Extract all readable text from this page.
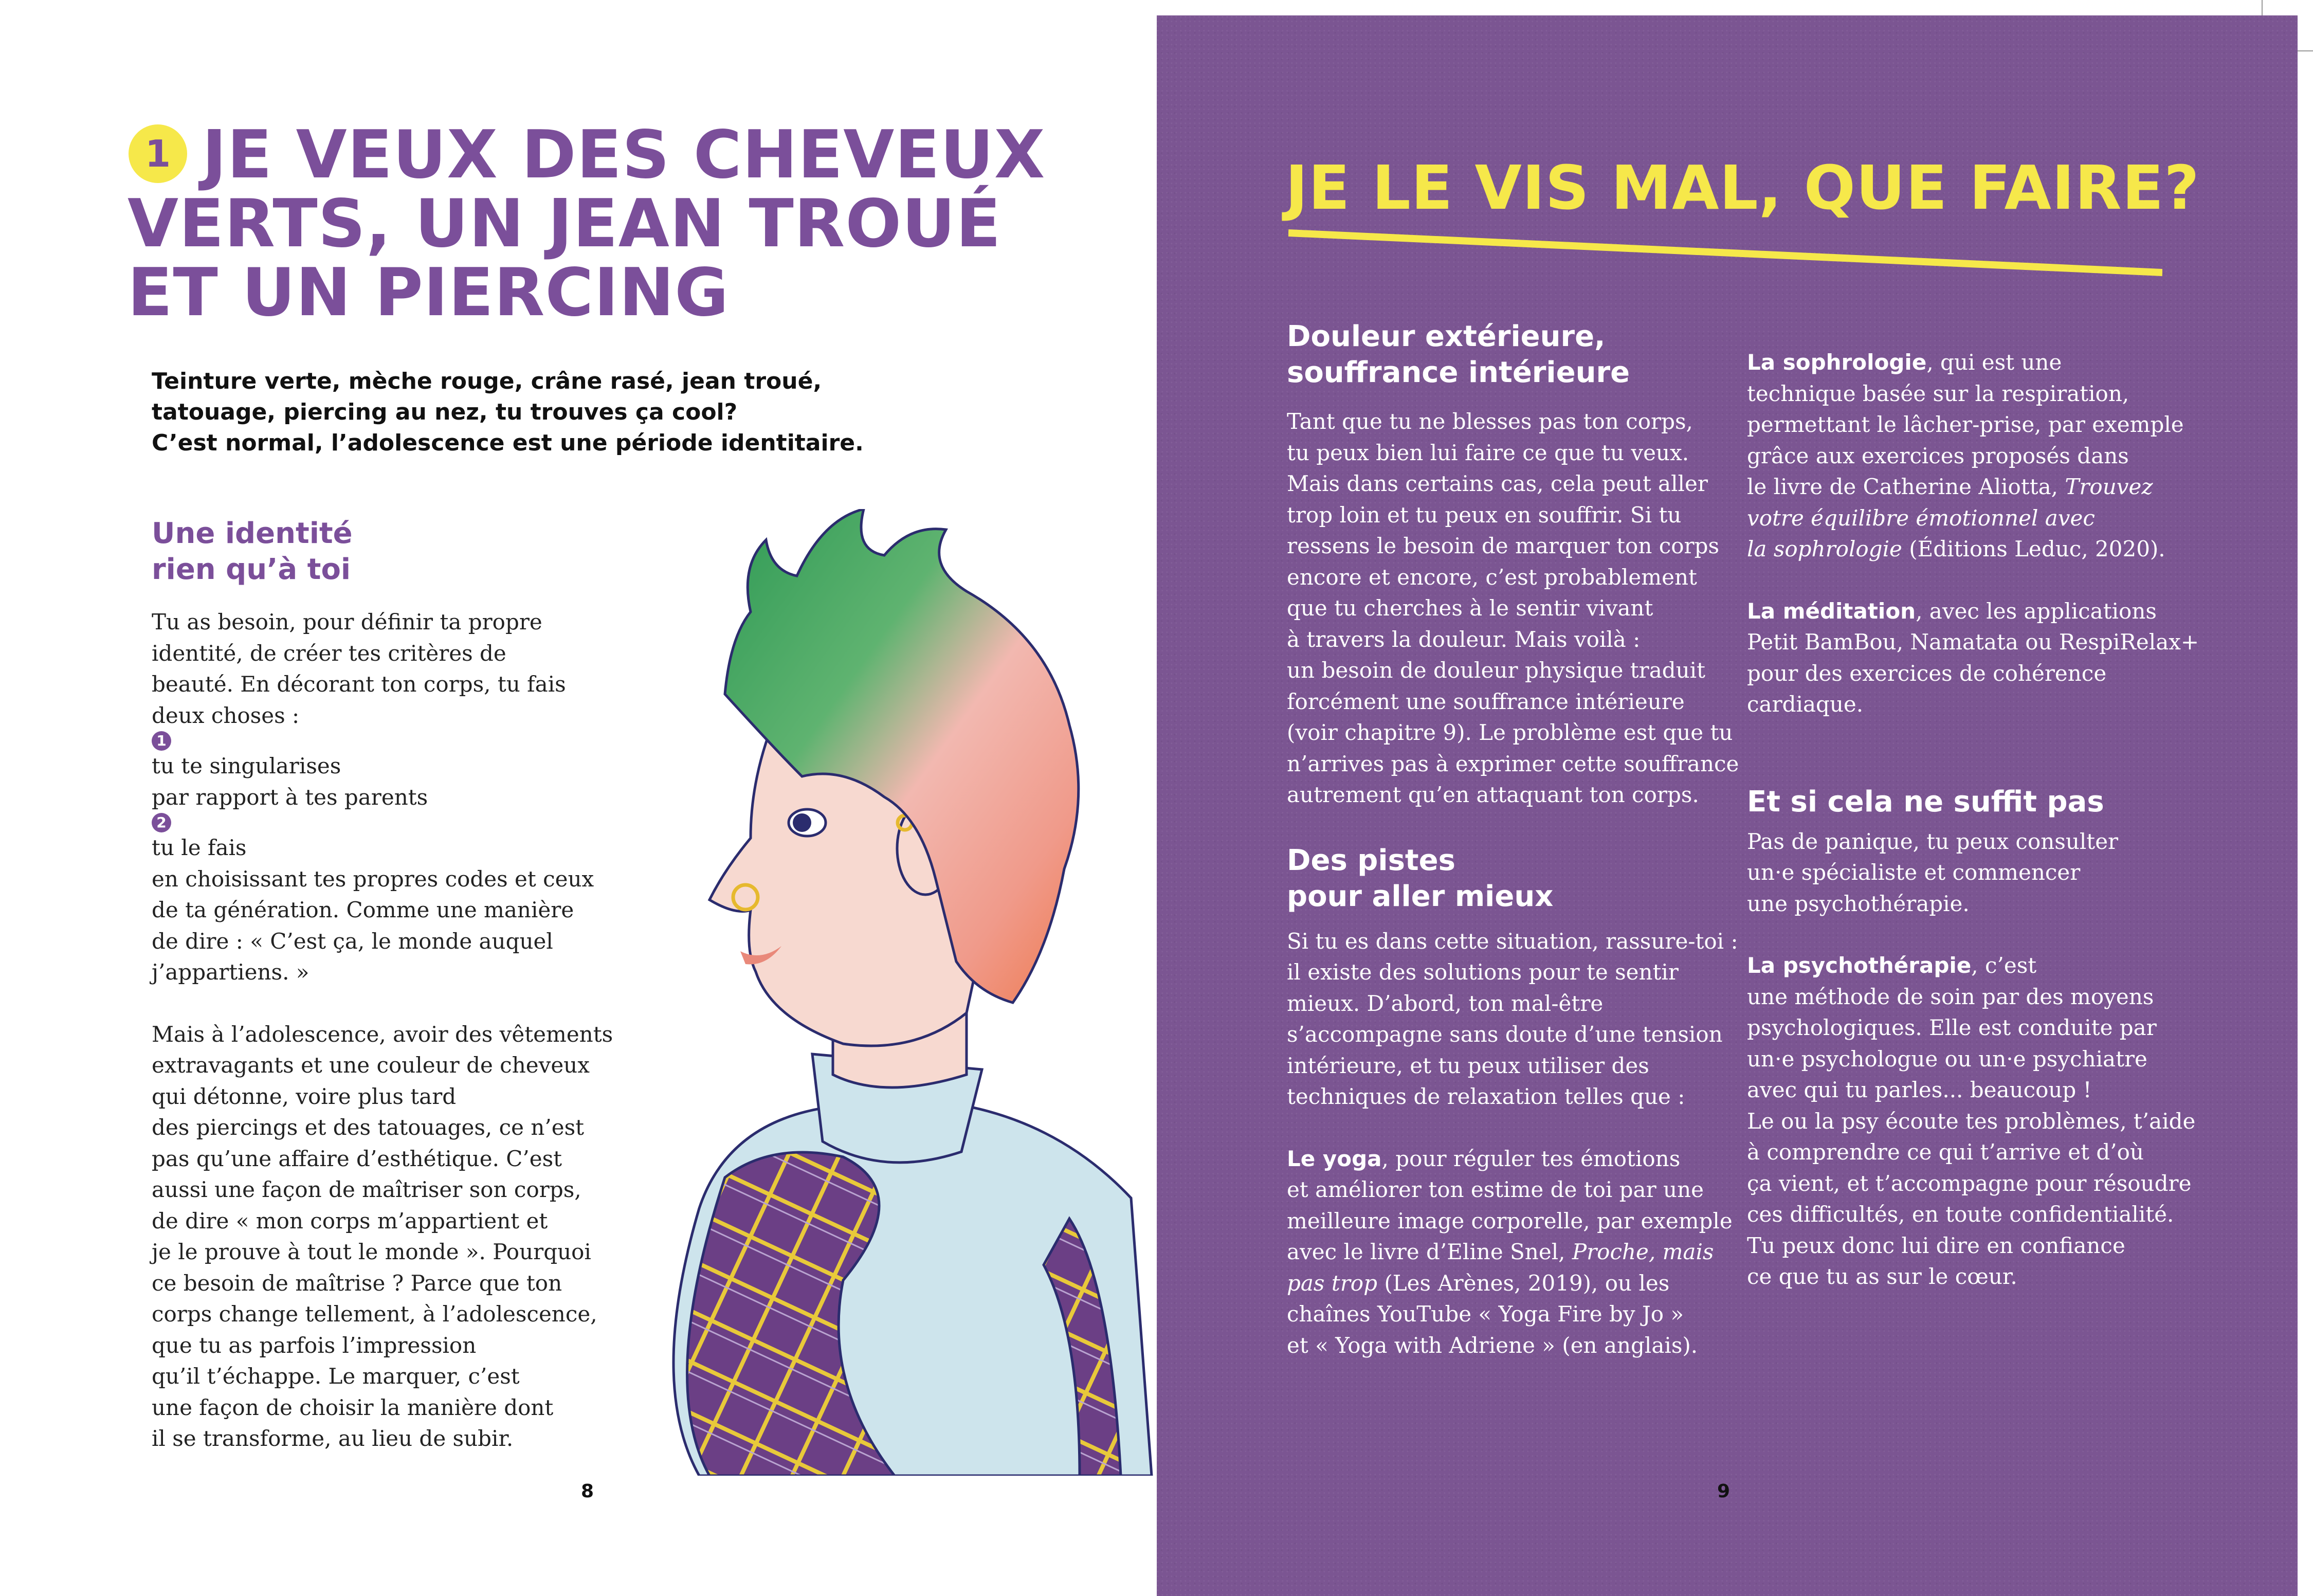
JE VEUX DES CHEVEUX
VERTS, UN JEAN TROUÉ
ET UN PIERCING
1
Teinture verte, mèche rouge, crâne rasé, jean troué,
tatouage, piercing au nez, tu trouves ça cool?
C’est normal, l’adolescence est une période identitaire.
Une identité
rien qu’à toi
Tu as besoin, pour définir ta propre
identité, de créer tes critères de
beauté. En décorant ton corps, tu fais
deux choses :
1
tu te singularises
par rapport à tes parents
2
tu le fais
en choisissant tes propres codes et ceux
de ta génération. Comme une manière
de dire : « C’est ça, le monde auquel
j’appartiens. »
Mais à l’adolescence, avoir des vêtements
extravagants et une couleur de cheveux
qui détonne, voire plus tard
des piercings et des tatouages, ce n’est
pas qu’une affaire d’esthétique. C’est
aussi une façon de maîtriser son corps,
de dire « mon corps m’appartient et
je le prouve à tout le monde ». Pourquoi
ce besoin de maîtrise ? Parce que ton
corps change tellement, à l’adolescence,
que tu as parfois l’impression
qu’il t’échappe. Le marquer, c’est
une façon de choisir la manière dont
il se transforme, au lieu de subir.
8
JE LE VIS MAL, QUE FAIRE?
Douleur extérieure,
souffrance intérieure
Tant que tu ne blesses pas ton corps,
tu peux bien lui faire ce que tu veux.
Mais dans certains cas, cela peut aller
trop loin et tu peux en souffrir. Si tu
ressens le besoin de marquer ton corps
encore et encore, c’est probablement
que tu cherches à le sentir vivant
à travers la douleur. Mais voilà :
un besoin de douleur physique traduit
forcément une souffrance intérieure
(voir chapitre 9). Le problème est que tu
n’arrives pas à exprimer cette souffrance
autrement qu’en attaquant ton corps.
Des pistes
pour aller mieux
Si tu es dans cette situation, rassure-toi :
il existe des solutions pour te sentir
mieux. D’abord, ton mal-être
s’accompagne sans doute d’une tension
intérieure, et tu peux utiliser des
techniques de relaxation telles que :
Le yoga, pour réguler tes émotions
et améliorer ton estime de toi par une
meilleure image corporelle, par exemple
avec le livre d’Eline Snel, Proche, mais
pas trop (Les Arènes, 2019), ou les
chaînes YouTube « Yoga Fire by Jo »
et « Yoga with Adriene » (en anglais).
La sophrologie, qui est une
technique basée sur la respiration,
permettant le lâcher-prise, par exemple
grâce aux exercices proposés dans
le livre de Catherine Aliotta, Trouvez
votre équilibre émotionnel avec
la sophrologie (Éditions Leduc, 2020).
La méditation, avec les applications
Petit BamBou, Namatata ou RespiRelax+
pour des exercices de cohérence
cardiaque.
Et si cela ne suffit pas
Pas de panique, tu peux consulter
un·e spécialiste et commencer
une psychothérapie.
La psychothérapie, c’est
une méthode de soin par des moyens
psychologiques. Elle est conduite par
un·e psychologue ou un·e psychiatre
avec qui tu parles... beaucoup !
Le ou la psy écoute tes problèmes, t’aide
à comprendre ce qui t’arrive et d’où
ça vient, et t’accompagne pour résoudre
ces difficultés, en toute confidentialité.
Tu peux donc lui dire en confiance
ce que tu as sur le cœur.
9
